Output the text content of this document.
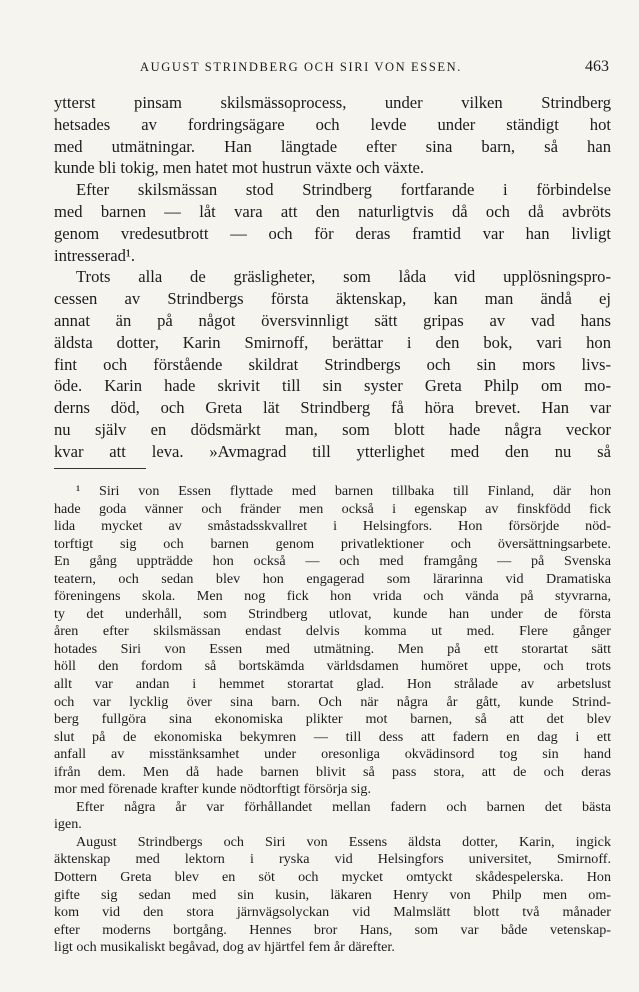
AUGUST STRINDBERG OCH SIRI VON ESSEN.	463
ytterst pinsam skilsmässoprocess, under vilken Strindberg
hetsades av fordringsägare och levde under ständigt hot
med utmätningar. Han längtade efter sina barn, så han
kunde bli tokig, men hatet mot hustrun växte och växte.
Efter skilsmässan stod Strindberg fortfarande i förbindelse
med barnen — låt vara att den naturligtvis då och då avbröts
genom vredesutbrott — och för deras framtid var han livligt
intresserad¹.
Trots alla de gräsligheter, som låda vid upplösningspro-
cessen av Strindbergs första äktenskap, kan man ändå ej
annat än på något översvinnligt sätt gripas av vad hans
äldsta dotter, Karin Smirnoff, berättar i den bok, vari hon
fint och förstående skildrat Strindbergs och sin mors livs-
öde. Karin hade skrivit till sin syster Greta Philp om mo-
derns död, och Greta lät Strindberg få höra brevet. Han var
nu själv en dödsmärkt man, som blott hade några veckor
kvar att leva. »Avmagrad till ytterlighet med den nu så
¹ Siri von Essen flyttade med barnen tillbaka till Finland, där hon
hade goda vänner och fränder men också i egenskap av finskfödd fick
lida mycket av småstadsskvallret i Helsingfors. Hon försörjde nöd-
torftigt sig och barnen genom privatlektioner och översättningsarbete.
En gång uppträdde hon också — och med framgång — på Svenska
teatern, och sedan blev hon engagerad som lärarinna vid Dramatiska
föreningens skola. Men nog fick hon vrida och vända på styvrarna,
ty det underhåll, som Strindberg utlovat, kunde han under de första
åren efter skilsmässan endast delvis komma ut med. Flere gånger
hotades Siri von Essen med utmätning. Men på ett storartat sätt
höll den fordom så bortskämda världsdamen humöret uppe, och trots
allt var andan i hemmet storartat glad. Hon strålade av arbetslust
och var lycklig över sina barn. Och när några år gått, kunde Strind-
berg fullgöra sina ekonomiska plikter mot barnen, så att det blev
slut på de ekonomiska bekymren — till dess att fadern en dag i ett
anfall av misstänksamhet under oresonliga okvädinsord tog sin hand
ifrån dem. Men då hade barnen blivit så pass stora, att de och deras
mor med förenade krafter kunde nödtorftigt försörja sig.
Efter några år var förhållandet mellan fadern och barnen det bästa
igen.
August Strindbergs och Siri von Essens äldsta dotter, Karin, ingick
äktenskap med lektorn i ryska vid Helsingfors universitet, Smirnoff.
Dottern Greta blev en söt och mycket omtyckt skådespelerska. Hon
gifte sig sedan med sin kusin, läkaren Henry von Philp men om-
kom vid den stora järnvägsolyckan vid Malmslätt blott två månader
efter moderns bortgång. Hennes bror Hans, som var både vetenskap-
ligt och musikaliskt begåvad, dog av hjärtfel fem år därefter.
